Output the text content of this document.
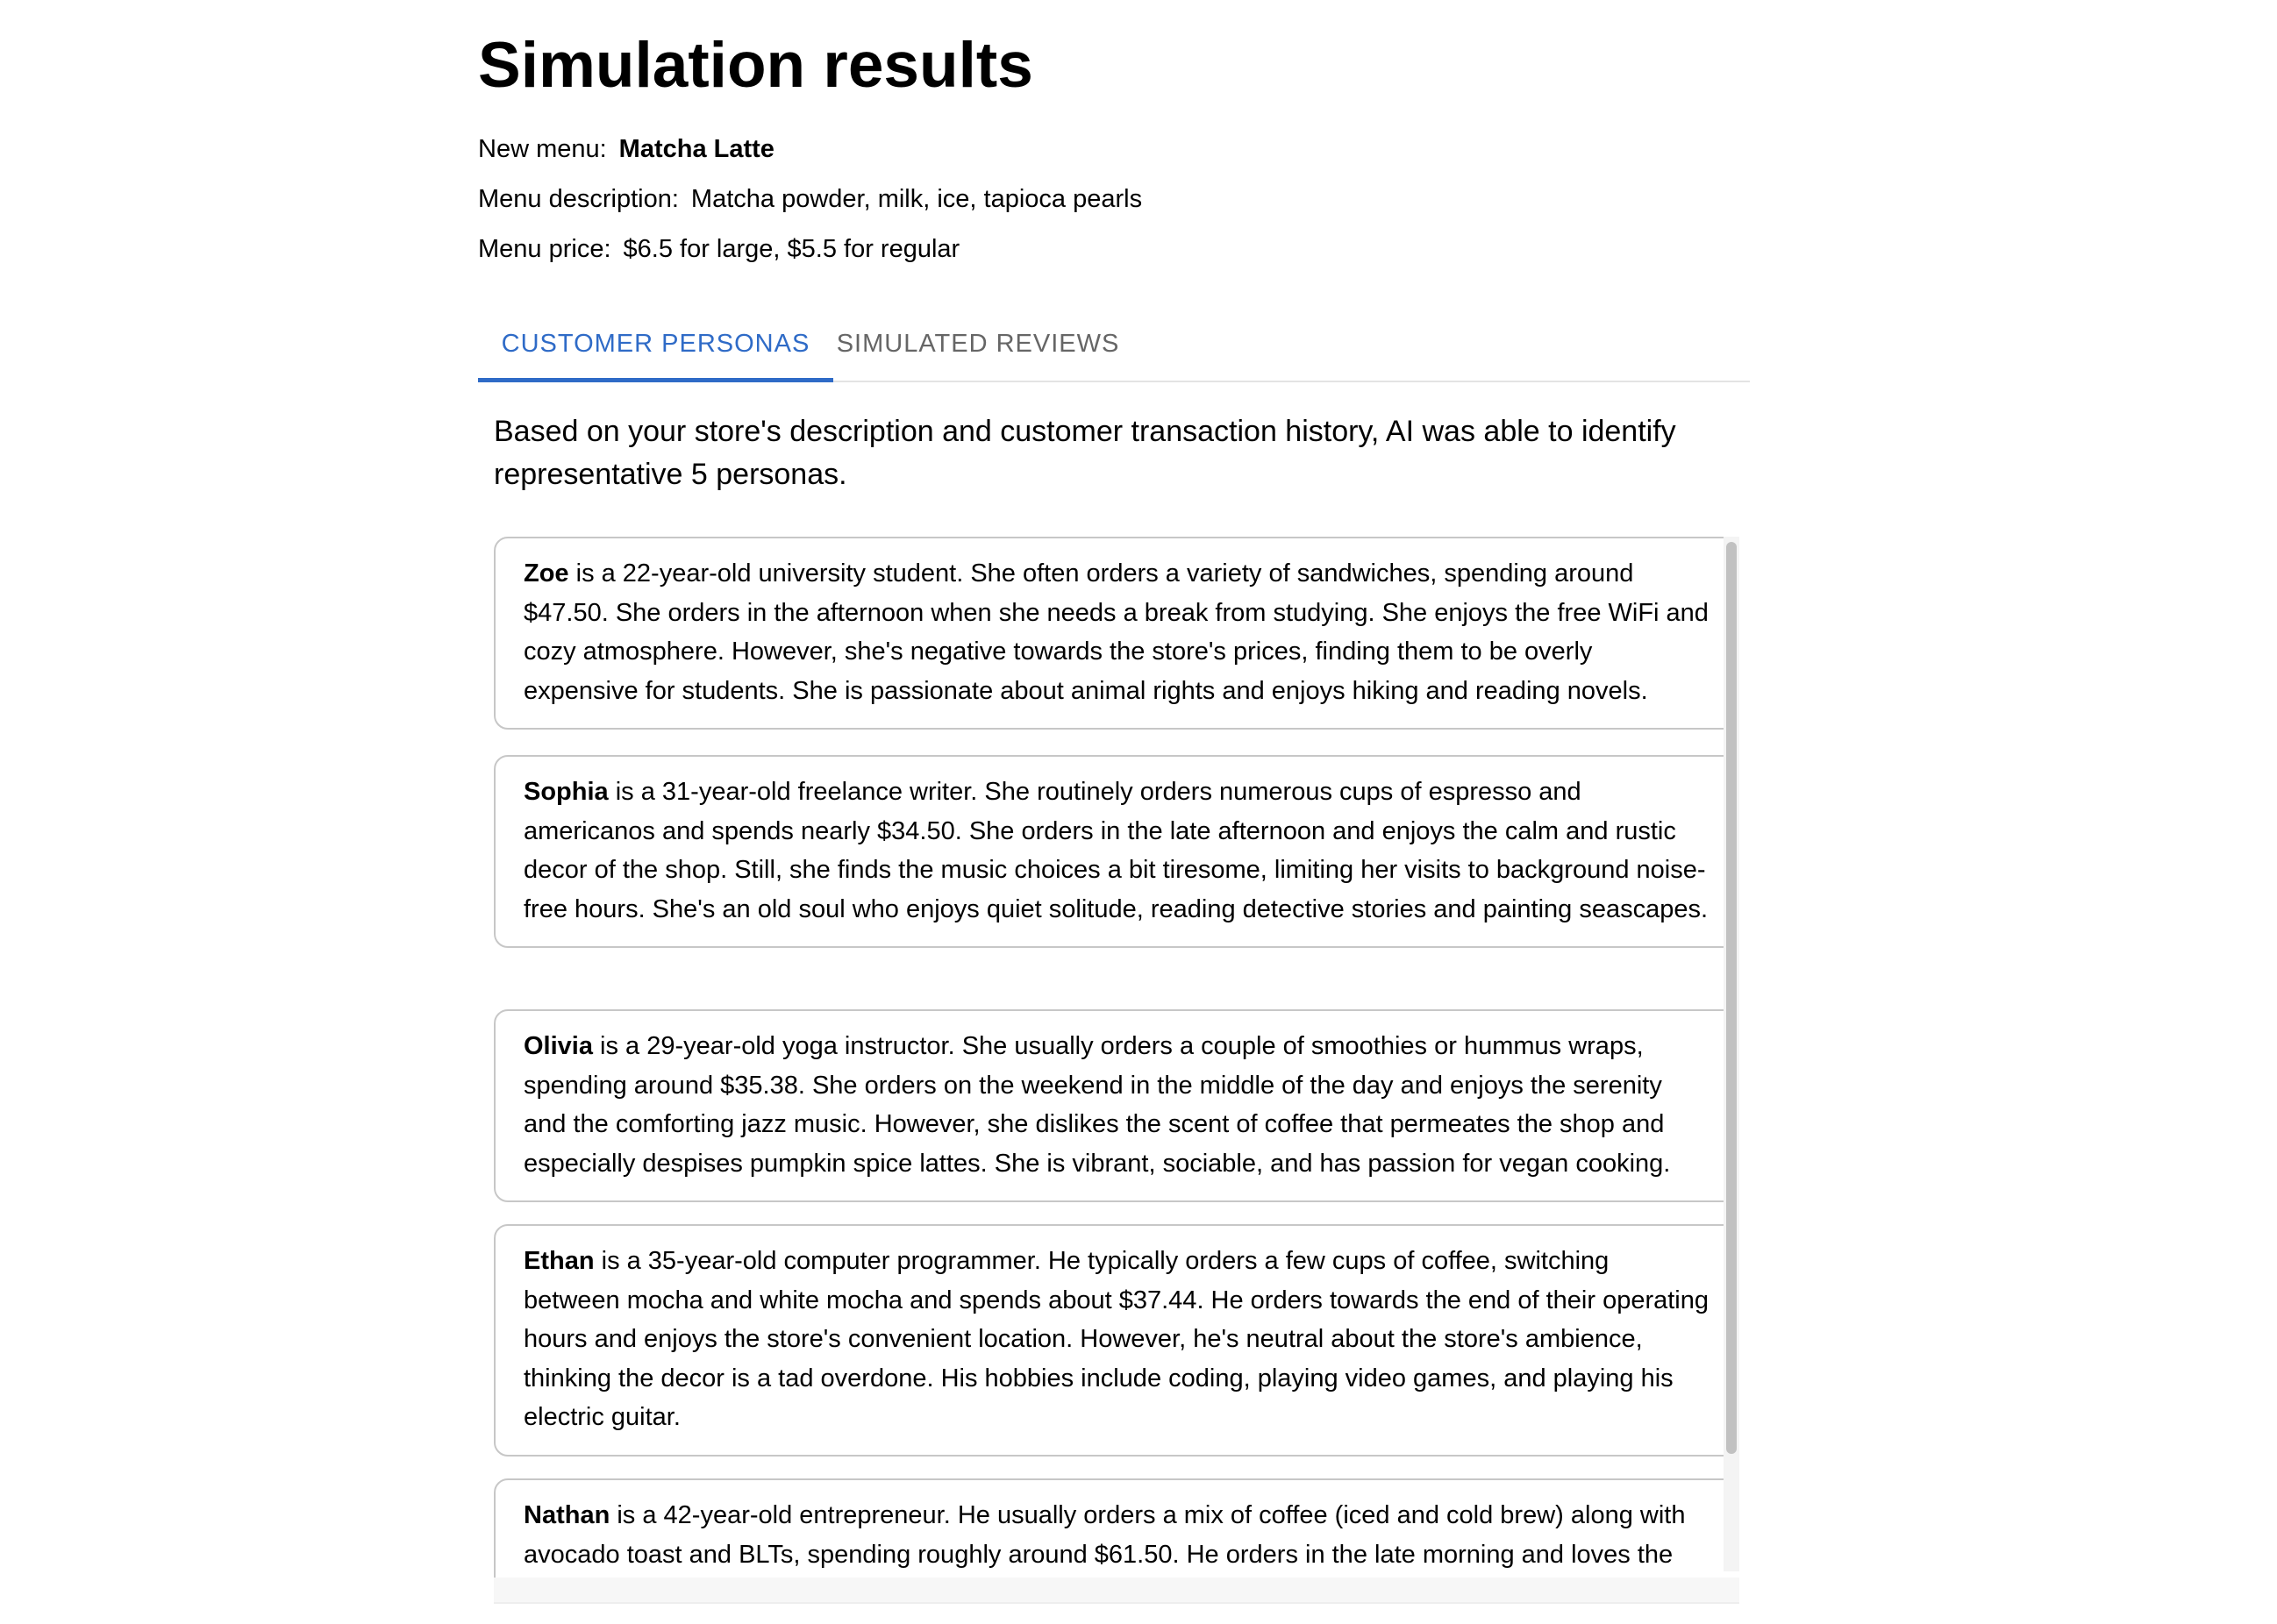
Simulation results
New menu: Matcha Latte
Menu description: Matcha powder, milk, ice, tapioca pearls
Menu price: $6.5 for large, $5.5 for regular
CUSTOMER PERSONAS	SIMULATED REVIEWS
Based on your store's description and customer transaction history, AI was able to identify representative 5 personas.
Zoe is a 22-year-old university student. She often orders a variety of sandwiches, spending around $47.50. She orders in the afternoon when she needs a break from studying. She enjoys the free WiFi and cozy atmosphere. However, she's negative towards the store's prices, finding them to be overly expensive for students. She is passionate about animal rights and enjoys hiking and reading novels.
Sophia is a 31-year-old freelance writer. She routinely orders numerous cups of espresso and americanos and spends nearly $34.50. She orders in the late afternoon and enjoys the calm and rustic decor of the shop. Still, she finds the music choices a bit tiresome, limiting her visits to background noise-free hours. She's an old soul who enjoys quiet solitude, reading detective stories and painting seascapes.
Olivia is a 29-year-old yoga instructor. She usually orders a couple of smoothies or hummus wraps, spending around $35.38. She orders on the weekend in the middle of the day and enjoys the serenity and the comforting jazz music. However, she dislikes the scent of coffee that permeates the shop and especially despises pumpkin spice lattes. She is vibrant, sociable, and has passion for vegan cooking.
Ethan is a 35-year-old computer programmer. He typically orders a few cups of coffee, switching between mocha and white mocha and spends about $37.44. He orders towards the end of their operating hours and enjoys the store's convenient location. However, he's neutral about the store's ambience, thinking the decor is a tad overdone. His hobbies include coding, playing video games, and playing his electric guitar.
Nathan is a 42-year-old entrepreneur. He usually orders a mix of coffee (iced and cold brew) along with avocado toast and BLTs, spending roughly around $61.50. He orders in the late morning and loves the
